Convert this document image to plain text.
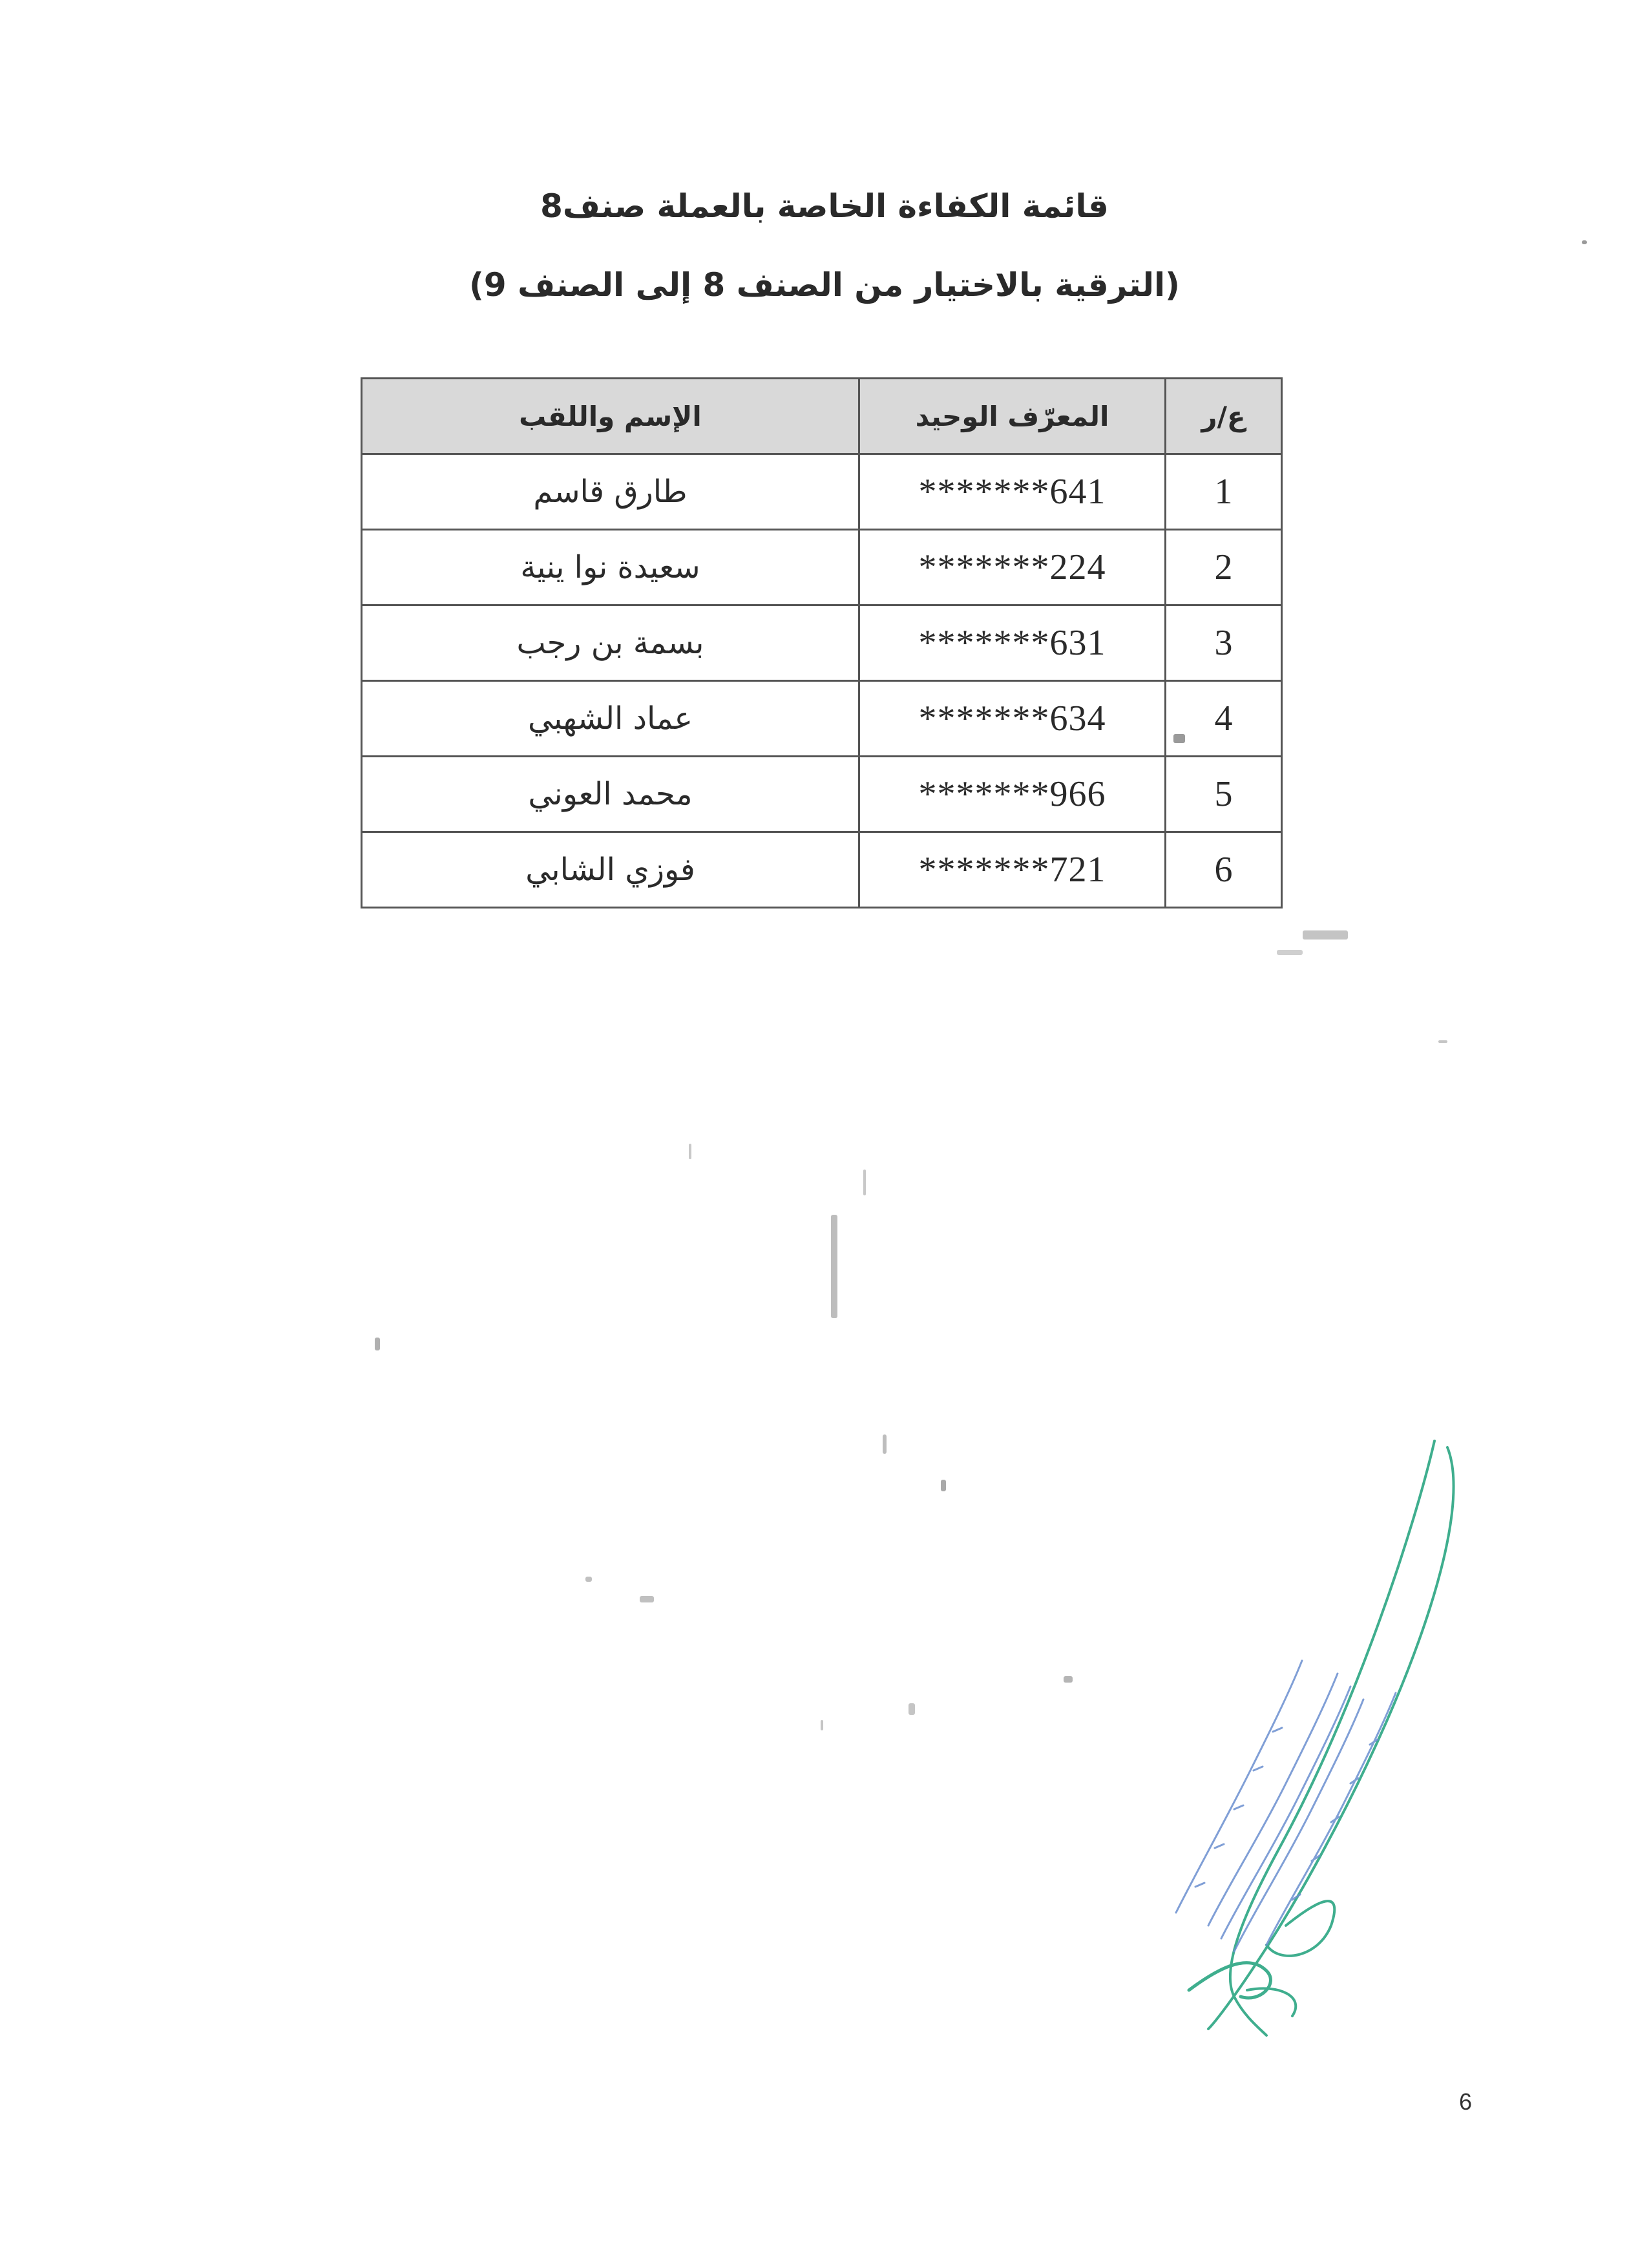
قائمة الكفاءة الخاصة بالعملة صنف8
(الترقية بالاختيار من الصنف 8 إلى الصنف 9)
ع/ر	المعرّف الوحيد	الإسم واللقب
1	*******641	طارق قاسم
2	*******224	سعيدة نوا ينية
3	*******631	بسمة بن رجب
4	*******634	عماد الشهبي
5	*******966	محمد العوني
6	*******721	فوزي الشابي
6
